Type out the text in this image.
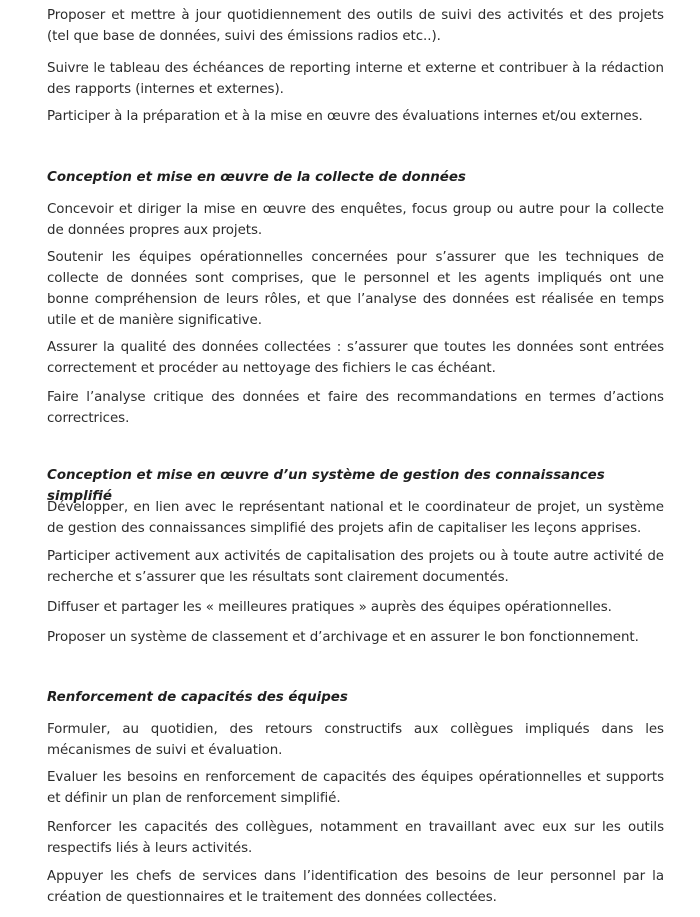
Proposer et mettre à jour quotidiennement des outils de suivi des activités et des projets (tel que base de données, suivi des émissions radios etc..).

Suivre le tableau des échéances de reporting interne et externe et contribuer à la rédaction des rapports (internes et externes).

Participer à la préparation et à la mise en œuvre des évaluations internes et/ou externes.

Conception et mise en œuvre de la collecte de données

Concevoir et diriger la mise en œuvre des enquêtes, focus group ou autre pour la collecte de données propres aux projets.

Soutenir les équipes opérationnelles concernées pour s’assurer que les techniques de collecte de données sont comprises, que le personnel et les agents impliqués ont une bonne compréhension de leurs rôles, et que l’analyse des données est réalisée en temps utile et de manière significative.

Assurer la qualité des données collectées : s’assurer que toutes les données sont entrées correctement et procéder au nettoyage des fichiers le cas échéant.

Faire l’analyse critique des données et faire des recommandations en termes d’actions correctrices.

Conception et mise en œuvre d’un système de gestion des connaissances simplifié

Développer, en lien avec le représentant national et le coordinateur de projet, un système de gestion des connaissances simplifié des projets afin de capitaliser les leçons apprises.

Participer activement aux activités de capitalisation des projets ou à toute autre activité de recherche et s’assurer que les résultats sont clairement documentés.

Diffuser et partager les « meilleures pratiques » auprès des équipes opérationnelles.

Proposer un système de classement et d’archivage et en assurer le bon fonctionnement.

Renforcement de capacités des équipes

Formuler, au quotidien, des retours constructifs aux collègues impliqués dans les mécanismes de suivi et évaluation.

Evaluer les besoins en renforcement de capacités des équipes opérationnelles et supports et définir un plan de renforcement simplifié.

Renforcer les capacités des collègues, notamment en travaillant avec eux sur les outils respectifs liés à leurs activités.

Appuyer les chefs de services dans l’identification des besoins de leur personnel par la création de questionnaires et le traitement des données collectées.
